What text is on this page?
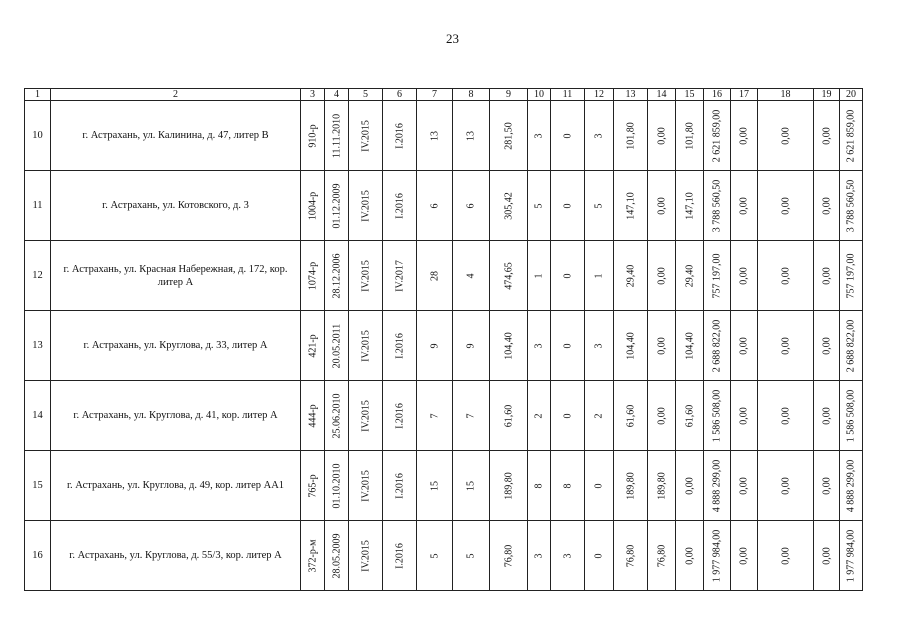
23
1	2	3	4	5	6	7	8	9	10	11	12	13	14	15	16	17	18	19	20
10	г. Астрахань, ул. Калинина, д. 47, литер В	910-р	11.11.2010	IV.2015	I.2016	13	13	281,50	3	0	3	101,80	0,00	101,80	2 621 859,00	0,00	0,00	0,00	2 621 859,00

11	г. Астрахань, ул. Котовского, д. 3	1004-р	01.12.2009	IV.2015	I.2016	6	6	305,42	5	0	5	147,10	0,00	147,10	3 788 560,50	0,00	0,00	0,00	3 788 560,50

12	г. Астрахань, ул. Красная Набережная, д. 172, кор. литер А	1074-р	28.12.2006	IV.2015	IV.2017	28	4	474,65	1	0	1	29,40	0,00	29,40	757 197,00	0,00	0,00	0,00	757 197,00

13	г. Астрахань, ул. Круглова, д. 33, литер А	421-р	20.05.2011	IV.2015	I.2016	9	9	104,40	3	0	3	104,40	0,00	104,40	2 688 822,00	0,00	0,00	0,00	2 688 822,00

14	г. Астрахань, ул. Круглова, д. 41, кор. литер А	444-р	25.06.2010	IV.2015	I.2016	7	7	61,60	2	0	2	61,60	0,00	61,60	1 586 508,00	0,00	0,00	0,00	1 586 508,00

15	г. Астрахань, ул. Круглова, д. 49, кор. литер АА1	765-р	01.10.2010	IV.2015	I.2016	15	15	189,80	8	8	0	189,80	189,80	0,00	4 888 299,00	0,00	0,00	0,00	4 888 299,00

16	г. Астрахань, ул. Круглова, д. 55/3, кор. литер А	372-р-м	28.05.2009	IV.2015	I.2016	5	5	76,80	3	3	0	76,80	76,80	0,00	1 977 984,00	0,00	0,00	0,00	1 977 984,00
